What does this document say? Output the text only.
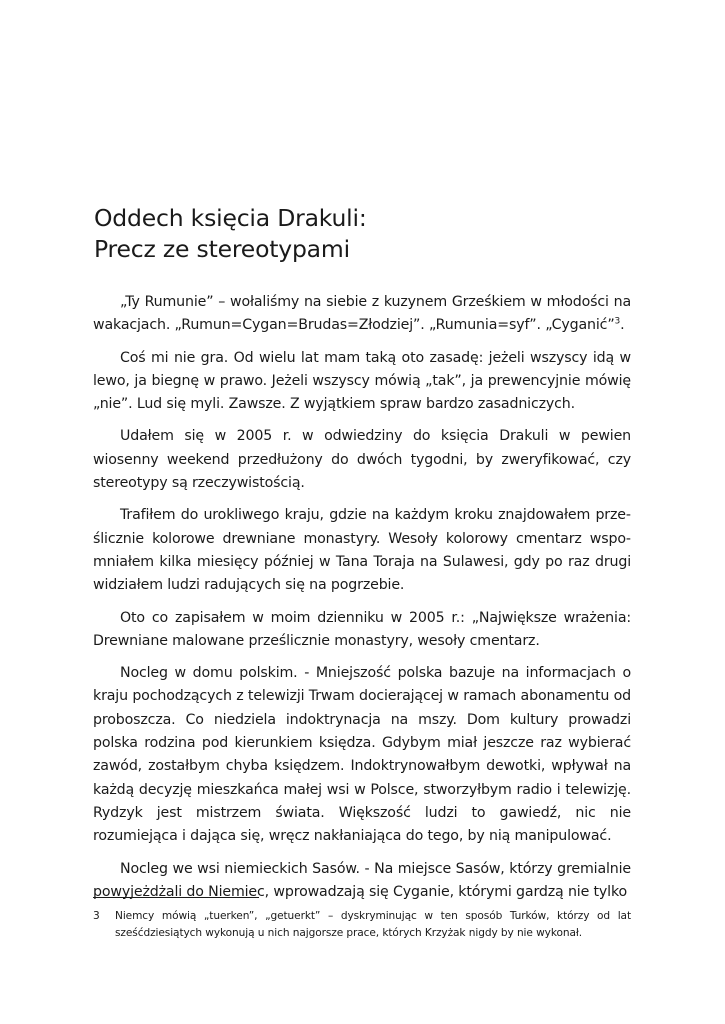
Oddech księcia Drakuli:
Precz ze stereotypami

„Ty Rumunie” – wołaliśmy na siebie z kuzynem Grześkiem w młodości na wakacjach. „Rumun=Cygan=Brudas=Złodziej”. „Rumunia=syf”. „Cyganić”$^3$.

Coś mi nie gra. Od wielu lat mam taką oto zasadę: jeżeli wszyscy idą w lewo, ja biegnę w prawo. Jeżeli wszyscy mówią „tak”, ja prewencyjnie mówię „nie”. Lud się myli. Zawsze. Z wyjątkiem spraw bardzo zasadniczych.

Udałem się w 2005 r. w odwiedziny do księcia Drakuli w pewien wiosenny weekend przedłużony do dwóch tygodni, by zweryfikować, czy stereotypy są rzeczywistością.

Trafiłem do urokliwego kraju, gdzie na każdym kroku znajdowałem prześlicznie kolorowe drewniane monastyry. Wesoły kolorowy cmentarz wspomniałem kilka miesięcy później w Tana Toraja na Sulawesi, gdy po raz drugi widziałem ludzi radujących się na pogrzebie.

Oto co zapisałem w moim dzienniku w 2005 r.: „Największe wrażenia: Drewniane malowane prześlicznie monastyry, wesoły cmentarz.

Nocleg w domu polskim. - Mniejszość polska bazuje na informacjach o kraju pochodzących z telewizji Trwam docierającej w ramach abonamentu od proboszcza. Co niedziela indoktrynacja na mszy. Dom kultury prowadzi polska rodzina pod kierunkiem księdza. Gdybym miał jeszcze raz wybierać zawód, zostałbym chyba księdzem. Indoktrynowałbym dewotki, wpływał na każdą decyzję mieszkańca małej wsi w Polsce, stworzyłbym radio i telewizję. Rydzyk jest mistrzem świata. Większość ludzi to gawiedź, nic nie rozumiejąca i dająca się, wręcz nakłaniająca do tego, by nią manipulować.

Nocleg we wsi niemieckich Sasów. - Na miejsce Sasów, którzy gremialnie powyjeżdżali do Niemiec, wprowadzają się Cyganie, którymi gardzą nie tylko

3 Niemcy mówią „tuerken”, „getuerkt” – dyskryminując w ten sposób Turków, którzy od lat sześćdziesiątych wykonują u nich najgorsze prace, których Krzyżak nigdy by nie wykonał.
